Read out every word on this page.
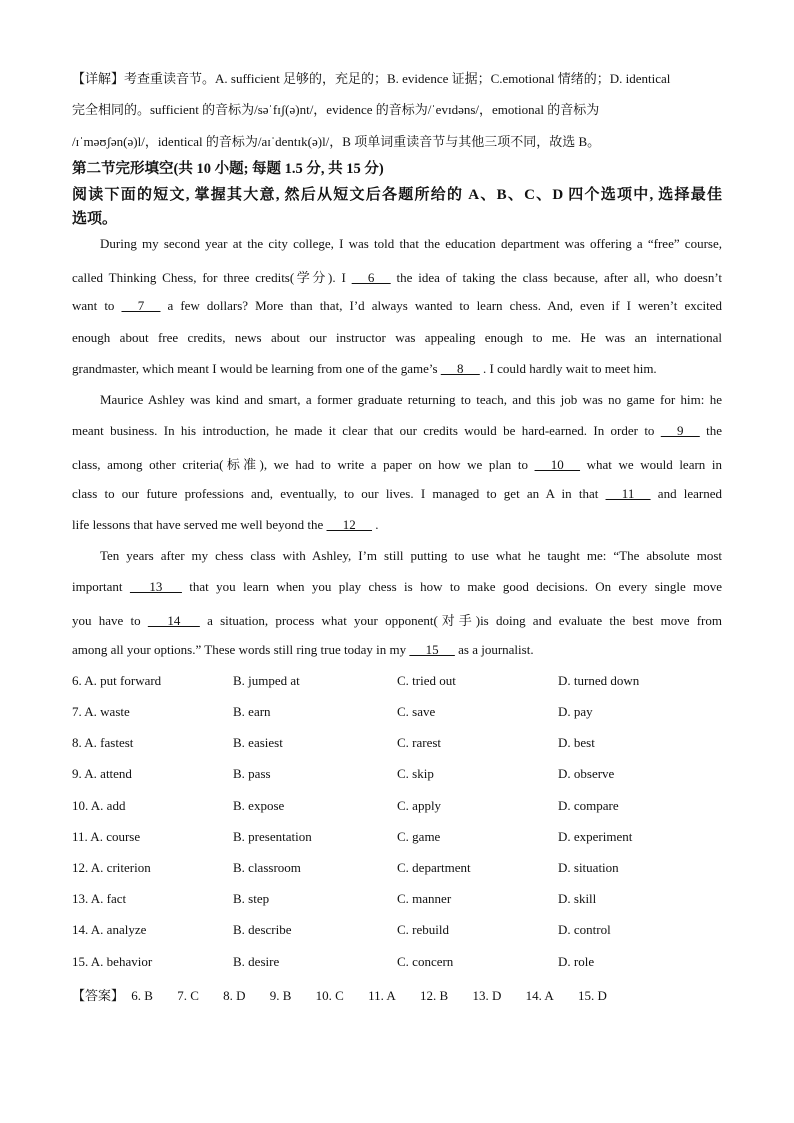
【详解】考查重读音节。A. sufficient 足够的，充足的；B. evidence 证据；C.emotional 情绪的；D. identical
完全相同的。sufficient 的音标为/səˈfɪʃ(ə)nt/，evidence 的音标为/ˈevɪdəns/，emotional 的音标为
/ɪˈməʊʃən(ə)l/，identical 的音标为/aɪˈdentɪk(ə)l/，B 项单词重读音节与其他三项不同，故选 B。
第二节完形填空(共 10 小题; 每题 1.5 分, 共 15 分)
阅读下面的短文, 掌握其大意, 然后从短文后各题所给的 A、B、C、D 四个选项中, 选择最佳
选项。
During my second year at the city college, I was told that the education department was offering a “free” course,
called Thinking Chess, for three credits(学分). I      6      the idea of taking the class because, after all, who doesn’t
want to      7      a few dollars? More than that, I’d always wanted to learn chess. And, even if I weren’t excited
enough about free credits, news about our instructor was appealing enough to me. He was an international
grandmaster, which meant I would be learning from one of the game’s      8      . I could hardly wait to meet him.
Maurice Ashley was kind and smart, a former graduate returning to teach, and this job was no game for him: he
meant business. In his introduction, he made it clear that our credits would be hard-earned. In order to      9      the
class, among other criteria(标准), we had to write a paper on how we plan to      10      what we would learn in
class to our future professions and, eventually, to our lives. I managed to get an A in that      11      and learned
life lessons that have served me well beyond the      12      .
Ten years after my chess class with Ashley, I’m still putting to use what he taught me: “The absolute most
important       13       that you learn when you play chess is how to make good decisions. On every single move
you have to       14       a situation, process what your opponent(对手)is doing and evaluate the best move from
among all your options.” These words still ring true today in my      15      as a journalist.
6. A. put forward	B. jumped at	C. tried out	D. turned down
7. A. waste	B. earn	C. save	D. pay
8. A. fastest	B. easiest	C. rarest	D. best
9. A. attend	B. pass	C. skip	D. observe
10. A. add	B. expose	C. apply	D. compare
11. A. course	B. presentation	C. game	D. experiment
12. A. criterion	B. classroom	C. department	D. situation
13. A. fact	B. step	C. manner	D. skill
14. A. analyze	B. describe	C. rebuild	D. control
15. A. behavior	B. desire	C. concern	D. role
【答案】 6. B 7. C 8. D 9. B 10. C 11. A 12. B 13. D 14. A 15. D
